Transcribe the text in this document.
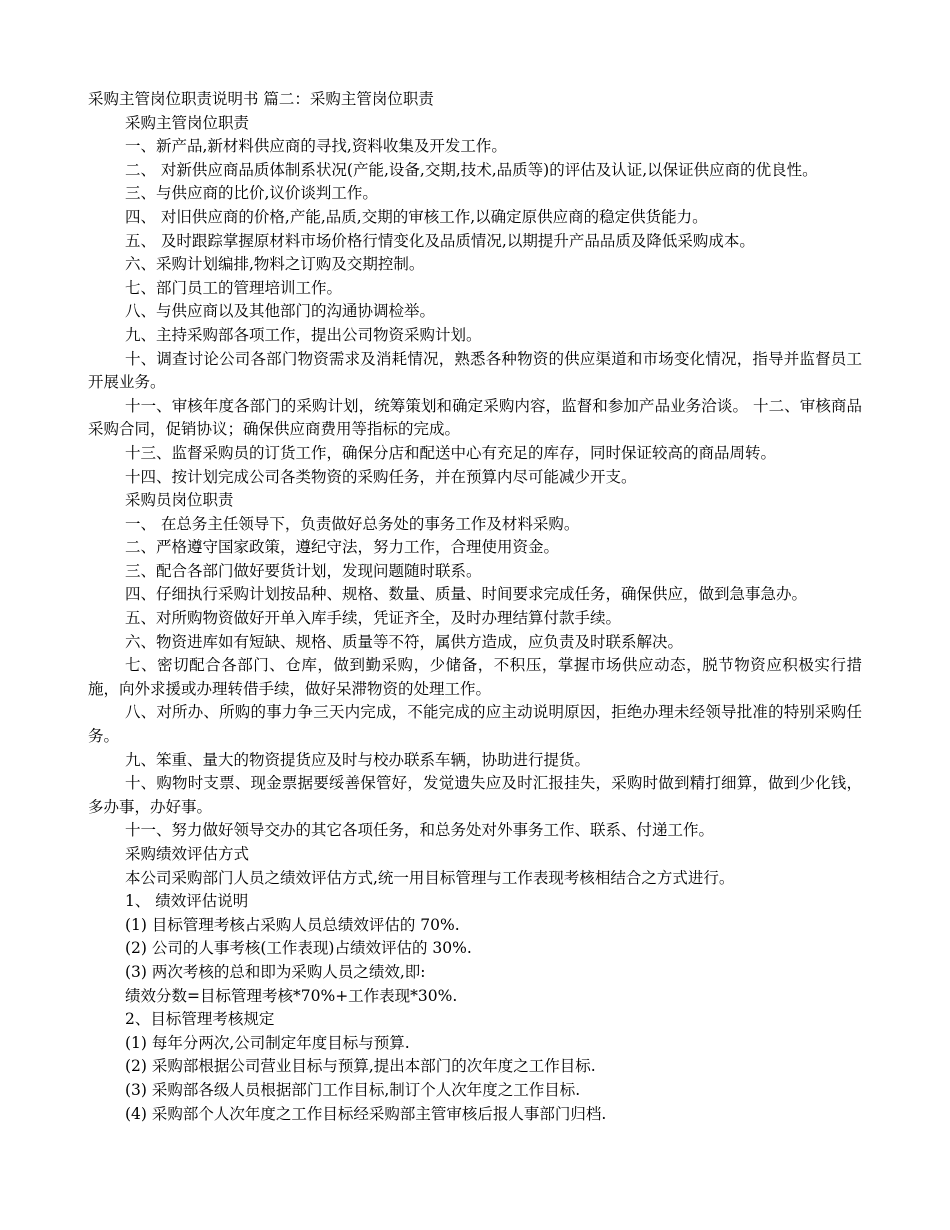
采购主管岗位职责说明书 篇二：采购主管岗位职责

采购主管岗位职责

一、新产品,新材料供应商的寻找,资料收集及开发工作。

二、 对新供应商品质体制系状况(产能,设备,交期,技术,品质等)的评估及认证,以保证供应商的优良性。

三、与供应商的比价,议价谈判工作。

四、 对旧供应商的价格,产能,品质,交期的审核工作,以确定原供应商的稳定供货能力。

五、 及时跟踪掌握原材料市场价格行情变化及品质情况,以期提升产品品质及降低采购成本。

六、采购计划编排,物料之订购及交期控制。

七、部门员工的管理培训工作。

八、与供应商以及其他部门的沟通协调检举。

九、主持采购部各项工作，提出公司物资采购计划。

十、调查讨论公司各部门物资需求及消耗情况，熟悉各种物资的供应渠道和市场变化情况，指导并监督员工开展业务。

十一、审核年度各部门的采购计划，统筹策划和确定采购内容，监督和参加产品业务洽谈。 十二、审核商品采购合同，促销协议；确保供应商费用等指标的完成。

十三、监督采购员的订货工作，确保分店和配送中心有充足的库存，同时保证较高的商品周转。

十四、按计划完成公司各类物资的采购任务，并在预算内尽可能减少开支。

采购员岗位职责

一、 在总务主任领导下，负责做好总务处的事务工作及材料采购。

二、严格遵守国家政策，遵纪守法，努力工作，合理使用资金。

三、配合各部门做好要货计划，发现问题随时联系。

四、仔细执行采购计划按品种、规格、数量、质量、时间要求完成任务，确保供应，做到急事急办。

五、对所购物资做好开单入库手续，凭证齐全，及时办理结算付款手续。

六、物资进库如有短缺、规格、质量等不符，属供方造成，应负责及时联系解决。

七、密切配合各部门、仓库，做到勤采购，少储备，不积压，掌握市场供应动态，脱节物资应积极实行措施，向外求援或办理转借手续，做好呆滞物资的处理工作。

八、对所办、所购的事力争三天内完成，不能完成的应主动说明原因，拒绝办理未经领导批准的特别采购任务。

九、笨重、量大的物资提货应及时与校办联系车辆，协助进行提货。

十、购物时支票、现金票据要绥善保管好，发觉遗失应及时汇报挂失，采购时做到精打细算，做到少化钱，多办事，办好事。

十一、努力做好领导交办的其它各项任务，和总务处对外事务工作、联系、付递工作。

采购绩效评估方式

本公司采购部门人员之绩效评估方式,统一用目标管理与工作表现考核相结合之方式进行。

1、 绩效评估说明

(1) 目标管理考核占采购人员总绩效评估的 70%.

(2) 公司的人事考核(工作表现)占绩效评估的 30%.

(3) 两次考核的总和即为采购人员之绩效,即:

绩效分数=目标管理考核*70%+工作表现*30%.

2、目标管理考核规定

(1) 每年分两次,公司制定年度目标与预算.

(2) 采购部根据公司营业目标与预算,提出本部门的次年度之工作目标.

(3) 采购部各级人员根据部门工作目标,制订个人次年度之工作目标.

(4) 采购部个人次年度之工作目标经采购部主管审核后报人事部门归档.
